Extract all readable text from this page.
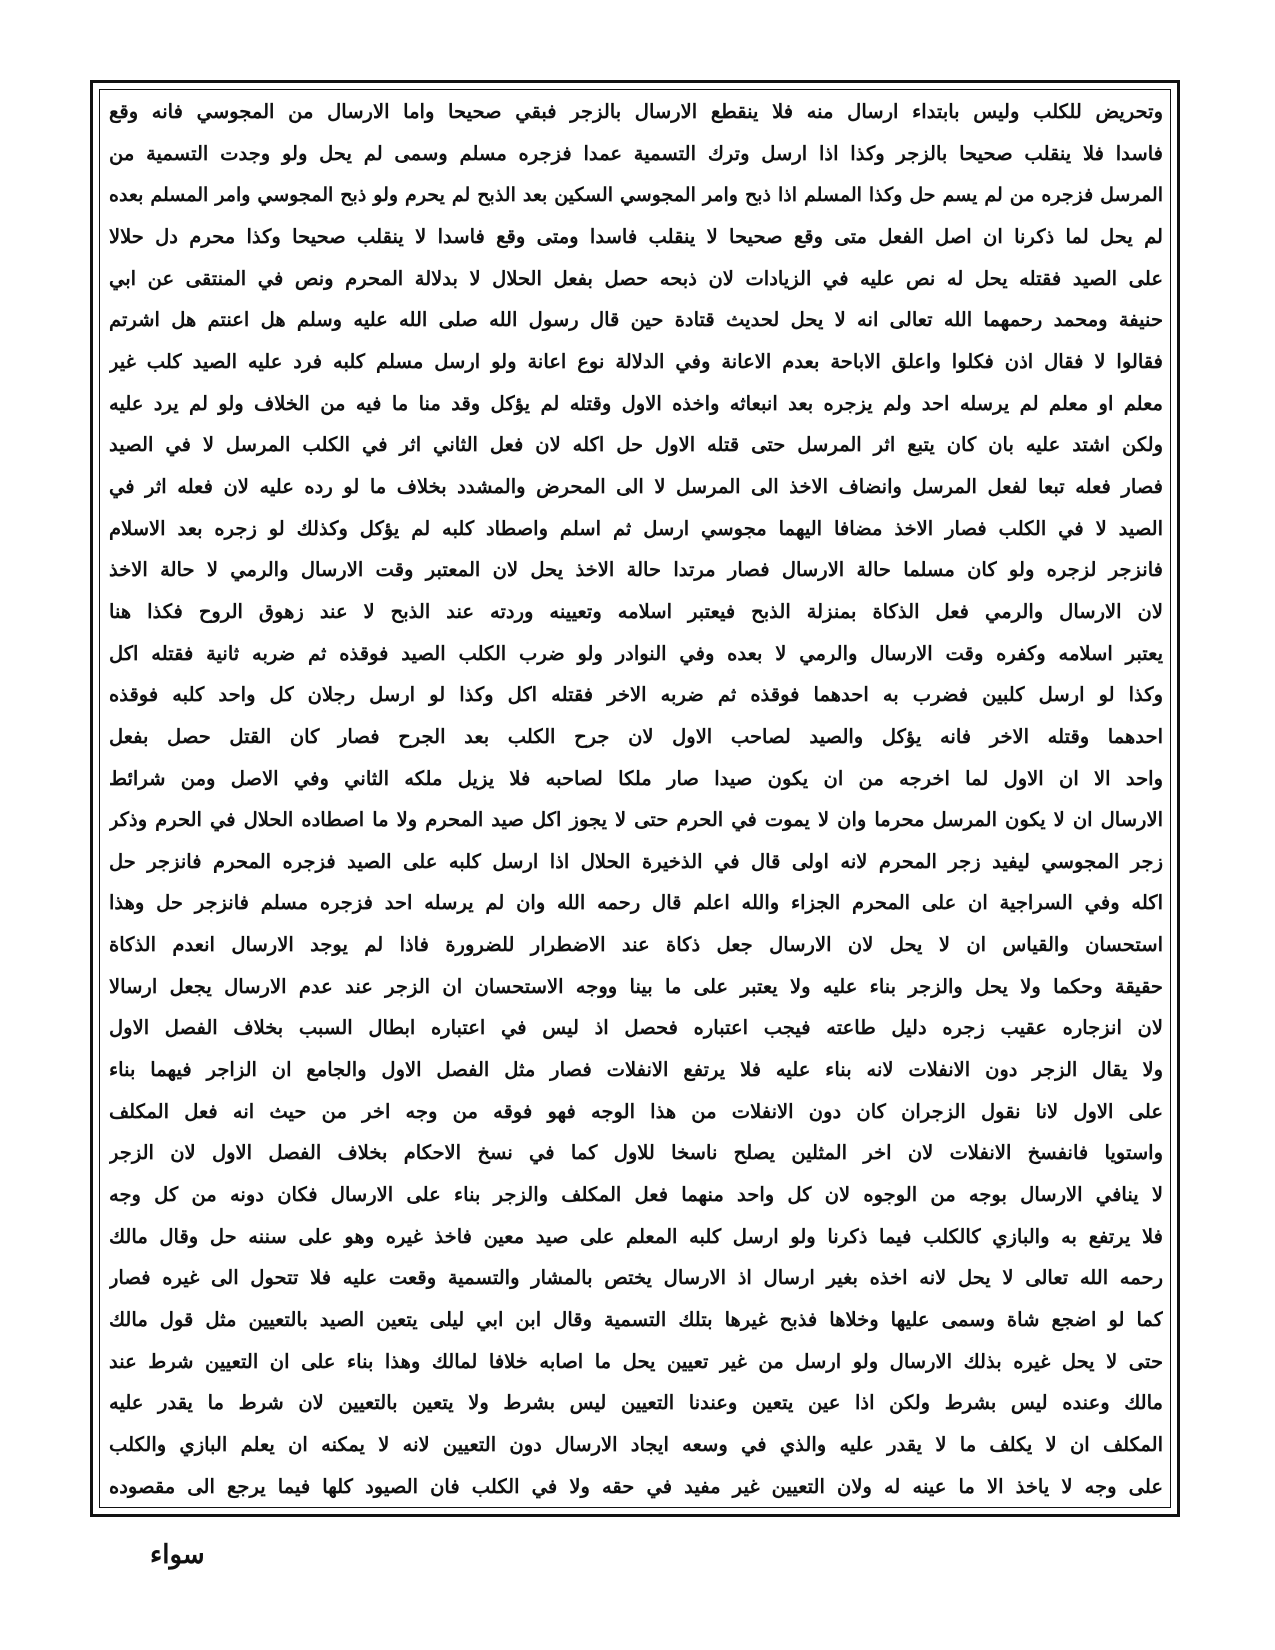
وتحريض للكلب وليس بابتداء ارسال منه فلا ينقطع الارسال بالزجر فبقي صحيحا واما الارسال من المجوسي فانه وقع
فاسدا فلا ينقلب صحيحا بالزجر وكذا اذا ارسل وترك التسمية عمدا فزجره مسلم وسمى لم يحل ولو وجدت التسمية من
المرسل فزجره من لم يسم حل وكذا المسلم اذا ذبح وامر المجوسي السكين بعد الذبح لم يحرم ولو ذبح المجوسي وامر المسلم بعده
لم يحل لما ذكرنا ان اصل الفعل متى وقع صحيحا لا ينقلب فاسدا ومتى وقع فاسدا لا ينقلب صحيحا وكذا محرم دل حلالا
على الصيد فقتله يحل له نص عليه في الزيادات لان ذبحه حصل بفعل الحلال لا بدلالة المحرم ونص في المنتقى عن ابي
حنيفة ومحمد رحمهما الله تعالى انه لا يحل لحديث قتادة حين قال رسول الله صلى الله عليه وسلم هل اعنتم هل اشرتم
فقالوا لا فقال اذن فكلوا واعلق الاباحة بعدم الاعانة وفي الدلالة نوع اعانة ولو ارسل مسلم كلبه فرد عليه الصيد كلب غير
معلم او معلم لم يرسله احد ولم يزجره بعد انبعاثه واخذه الاول وقتله لم يؤكل وقد منا ما فيه من الخلاف ولو لم يرد عليه
ولكن اشتد عليه بان كان يتبع اثر المرسل حتى قتله الاول حل اكله لان فعل الثاني اثر في الكلب المرسل لا في الصيد
فصار فعله تبعا لفعل المرسل وانضاف الاخذ الى المرسل لا الى المحرض والمشدد بخلاف ما لو رده عليه لان فعله اثر في
الصيد لا في الكلب فصار الاخذ مضافا اليهما مجوسي ارسل ثم اسلم واصطاد كلبه لم يؤكل وكذلك لو زجره بعد الاسلام
فانزجر لزجره ولو كان مسلما حالة الارسال فصار مرتدا حالة الاخذ يحل لان المعتبر وقت الارسال والرمي لا حالة الاخذ
لان الارسال والرمي فعل الذكاة بمنزلة الذبح فيعتبر اسلامه وتعيينه وردته عند الذبح لا عند زهوق الروح فكذا هنا
يعتبر اسلامه وكفره وقت الارسال والرمي لا بعده وفي النوادر ولو ضرب الكلب الصيد فوقذه ثم ضربه ثانية فقتله اكل
وكذا لو ارسل كلبين فضرب به احدهما فوقذه ثم ضربه الاخر فقتله اكل وكذا لو ارسل رجلان كل واحد كلبه فوقذه
احدهما وقتله الاخر فانه يؤكل والصيد لصاحب الاول لان جرح الكلب بعد الجرح فصار كان القتل حصل بفعل
واحد الا ان الاول لما اخرجه من ان يكون صيدا صار ملكا لصاحبه فلا يزيل ملكه الثاني وفي الاصل ومن شرائط
الارسال ان لا يكون المرسل محرما وان لا يموت في الحرم حتى لا يجوز اكل صيد المحرم ولا ما اصطاده الحلال في الحرم وذكر
زجر المجوسي ليفيد زجر المحرم لانه اولى قال في الذخيرة الحلال اذا ارسل كلبه على الصيد فزجره المحرم فانزجر حل
اكله وفي السراجية ان على المحرم الجزاء والله اعلم قال رحمه الله وان لم يرسله احد فزجره مسلم فانزجر حل وهذا
استحسان والقياس ان لا يحل لان الارسال جعل ذكاة عند الاضطرار للضرورة فاذا لم يوجد الارسال انعدم الذكاة
حقيقة وحكما ولا يحل والزجر بناء عليه ولا يعتبر على ما بينا ووجه الاستحسان ان الزجر عند عدم الارسال يجعل ارسالا
لان انزجاره عقيب زجره دليل طاعته فيجب اعتباره فحصل اذ ليس في اعتباره ابطال السبب بخلاف الفصل الاول
ولا يقال الزجر دون الانفلات لانه بناء عليه فلا يرتفع الانفلات فصار مثل الفصل الاول والجامع ان الزاجر فيهما بناء
على الاول لانا نقول الزجران كان دون الانفلات من هذا الوجه فهو فوقه من وجه اخر من حيث انه فعل المكلف
واستويا فانفسخ الانفلات لان اخر المثلين يصلح ناسخا للاول كما في نسخ الاحكام بخلاف الفصل الاول لان الزجر
لا ينافي الارسال بوجه من الوجوه لان كل واحد منهما فعل المكلف والزجر بناء على الارسال فكان دونه من كل وجه
فلا يرتفع به والبازي كالكلب فيما ذكرنا ولو ارسل كلبه المعلم على صيد معين فاخذ غيره وهو على سننه حل وقال مالك
رحمه الله تعالى لا يحل لانه اخذه بغير ارسال اذ الارسال يختص بالمشار والتسمية وقعت عليه فلا تتحول الى غيره فصار
كما لو اضجع شاة وسمى عليها وخلاها فذبح غيرها بتلك التسمية وقال ابن ابي ليلى يتعين الصيد بالتعيين مثل قول مالك
حتى لا يحل غيره بذلك الارسال ولو ارسل من غير تعيين يحل ما اصابه خلافا لمالك وهذا بناء على ان التعيين شرط عند
مالك وعنده ليس بشرط ولكن اذا عين يتعين وعندنا التعيين ليس بشرط ولا يتعين بالتعيين لان شرط ما يقدر عليه
المكلف ان لا يكلف ما لا يقدر عليه والذي في وسعه ايجاد الارسال دون التعيين لانه لا يمكنه ان يعلم البازي والكلب
على وجه لا ياخذ الا ما عينه له ولان التعيين غير مفيد في حقه ولا في الكلب فان الصيود كلها فيما يرجع الى مقصوده
سواء
